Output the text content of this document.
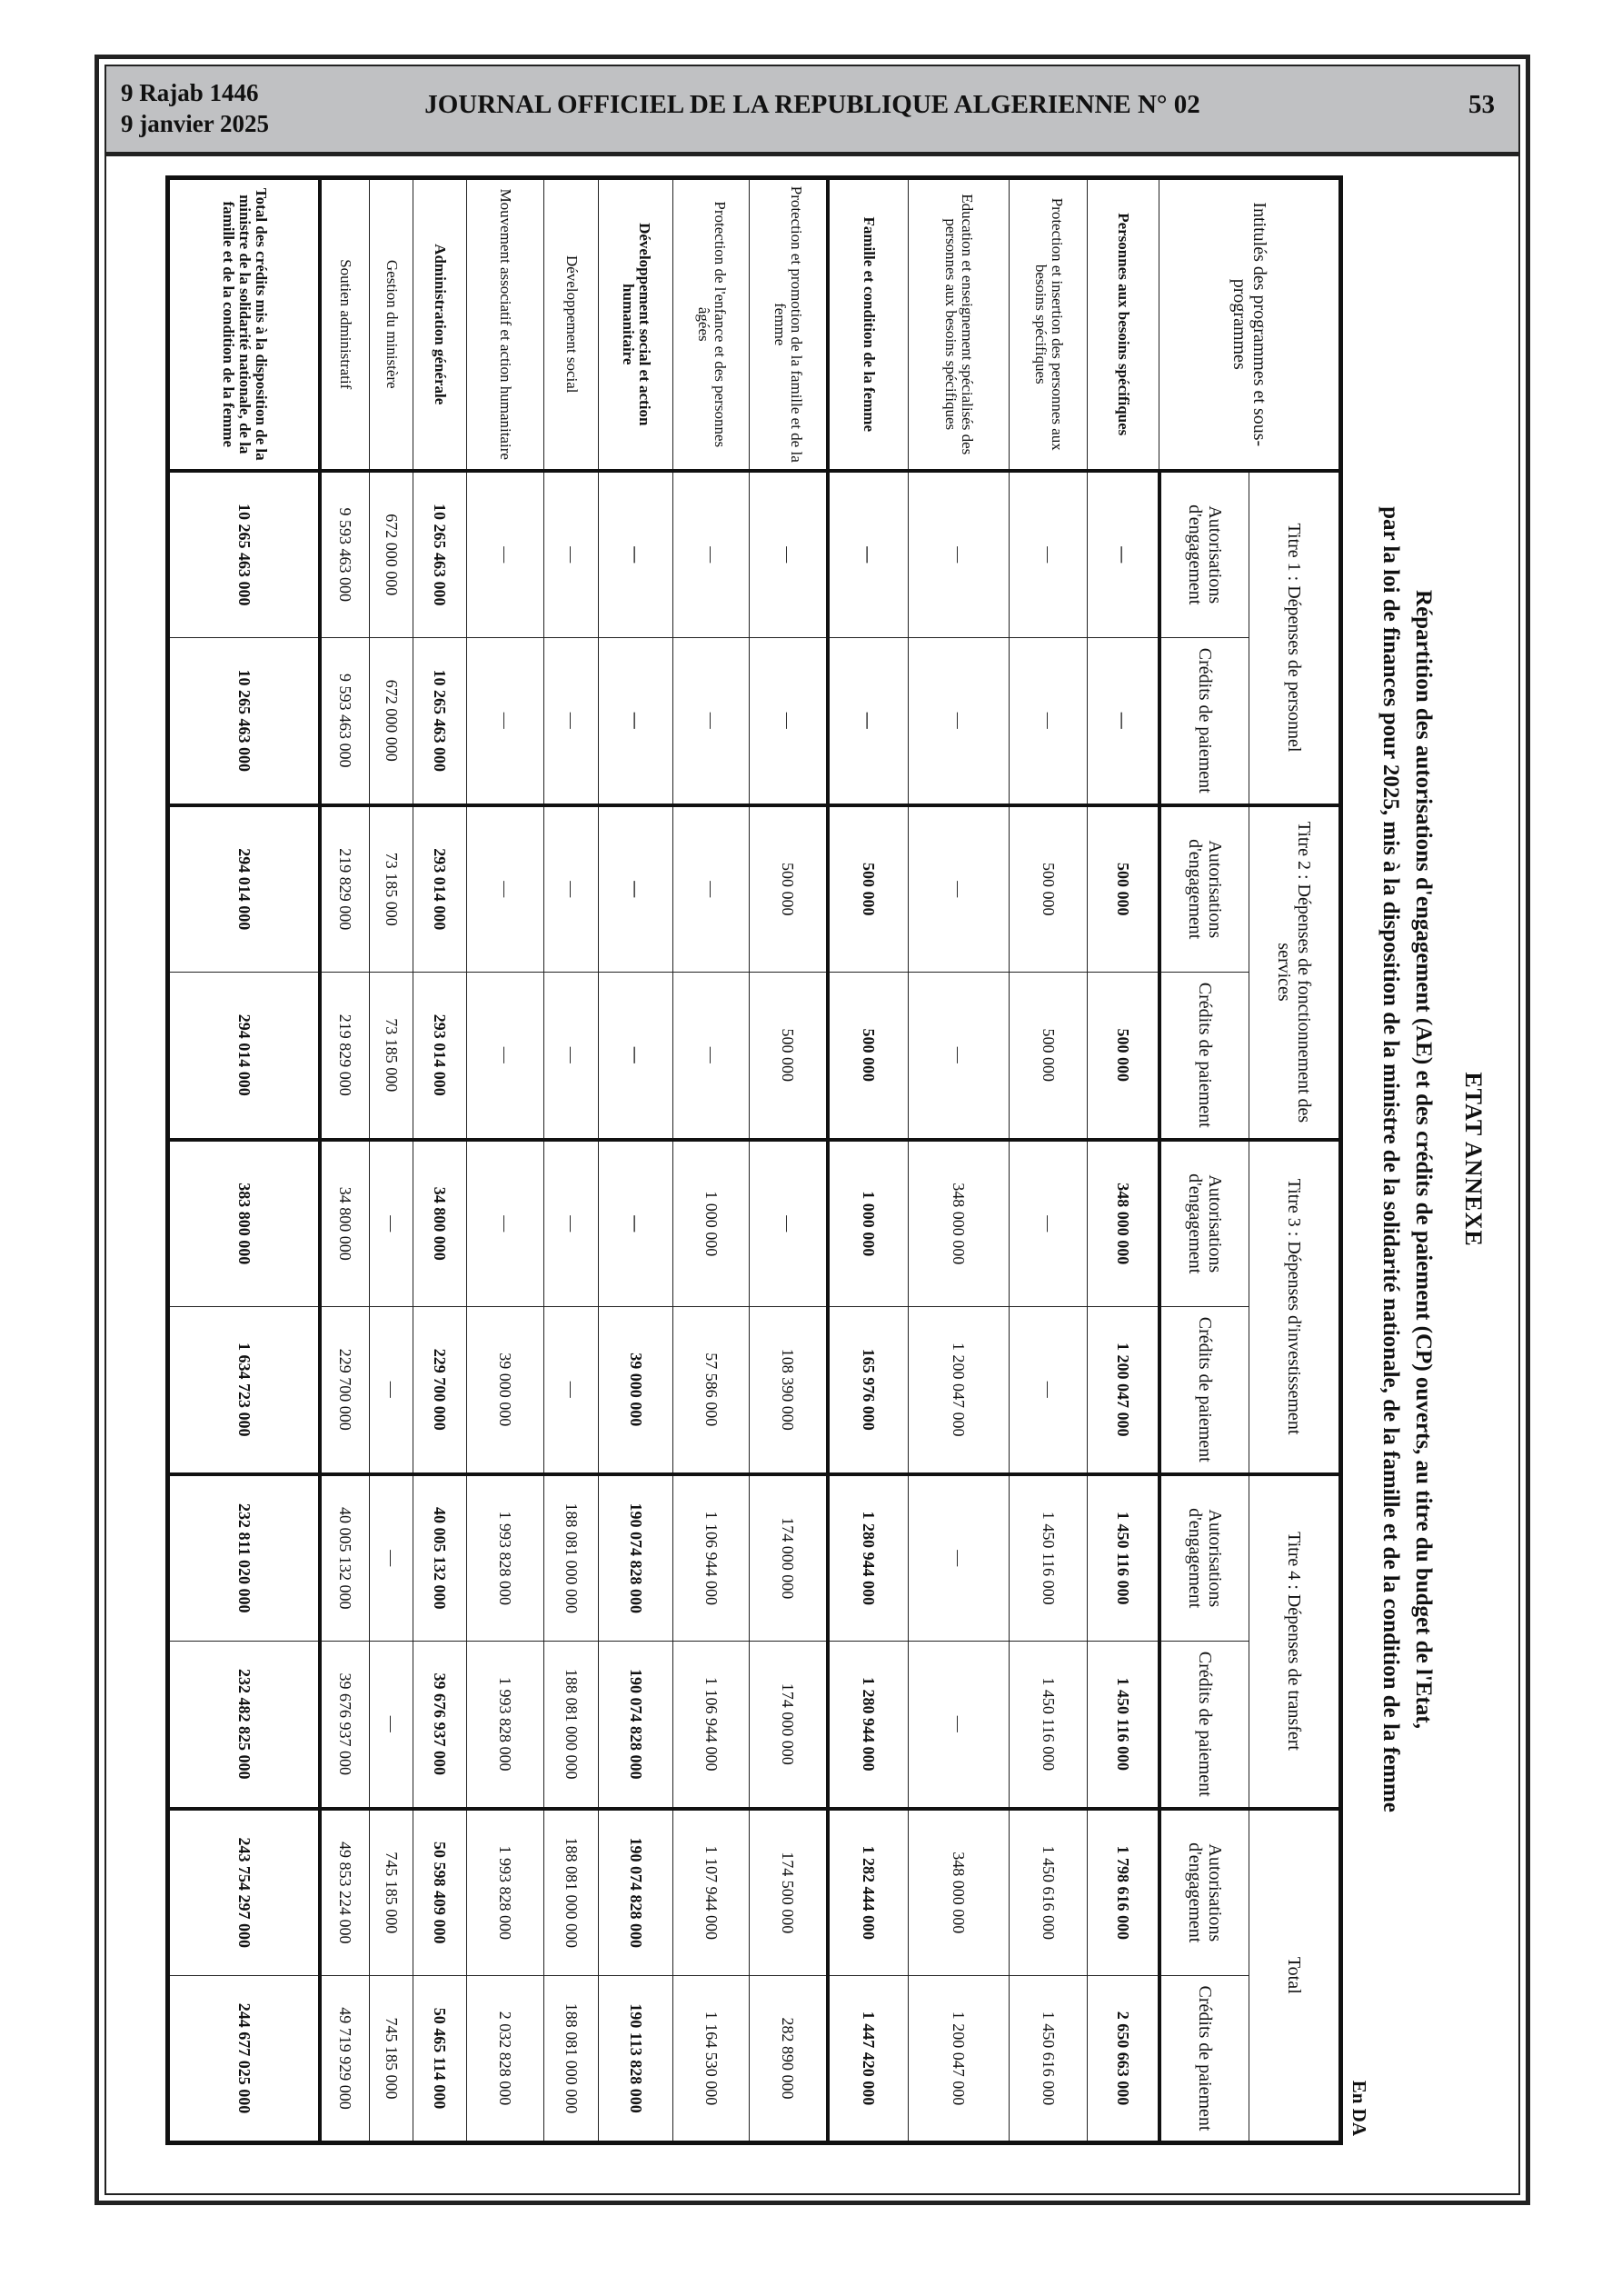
9 Rajab 1446
9 janvier 2025
JOURNAL OFFICIEL DE LA REPUBLIQUE ALGERIENNE N° 02	53
ETAT ANNEXE
Répartition des autorisations d'engagement (AE) et des crédits de paiement (CP) ouverts, au titre du budget de l'Etat,
par la loi de finances pour 2025, mis à la disposition de la ministre de la solidarité nationale, de la famille et de la condition de la femme
En DA
Intitulés des programmes et sous-programmes	Titre 1 : Dépenses de personnel		Titre 2 : Dépenses de fonctionnement des services		Titre 3 : Dépenses d'investissement		Titre 4 : Dépenses de transfert		Total	
	Autorisations d'engagement	Crédits de paiement	Autorisations d'engagement	Crédits de paiement	Autorisations d'engagement	Crédits de paiement	Autorisations d'engagement	Crédits de paiement	Autorisations d'engagement	Crédits de paiement
Personnes aux besoins spécifiques	—	—	500 000	500 000	348 000 000	1 200 047 000	1 450 116 000	1 450 116 000	1 798 616 000	2 650 663 000
Protection et insertion des personnes aux besoins spécifiques	—	—	500 000	500 000	—	—	1 450 116 000	1 450 116 000	1 450 616 000	1 450 616 000
Education et enseignement spécialisés des personnes aux besoins spécifiques	—	—	—	—	348 000 000	1 200 047 000	—	—	348 000 000	1 200 047 000
Famille et condition de la femme	—	—	500 000	500 000	1 000 000	165 976 000	1 280 944 000	1 280 944 000	1 282 444 000	1 447 420 000
Protection et promotion de la famille et de la femme	—	—	500 000	500 000	—	108 390 000	174 000 000	174 000 000	174 500 000	282 890 000
Protection de l'enfance et des personnes âgées	—	—	—	—	1 000 000	57 586 000	1 106 944 000	1 106 944 000	1 107 944 000	1 164 530 000
Développement social et action humanitaire	—	—	—	—	—	39 000 000	190 074 828 000	190 074 828 000	190 074 828 000	190 113 828 000
Développement social	—	—	—	—	—	—	188 081 000 000	188 081 000 000	188 081 000 000	188 081 000 000
Mouvement associatif et action humanitaire	—	—	—	—	—	39 000 000	1 993 828 000	1 993 828 000	1 993 828 000	2 032 828 000
Administration générale	10 265 463 000	10 265 463 000	293 014 000	293 014 000	34 800 000	229 700 000	40 005 132 000	39 676 937 000	50 598 409 000	50 465 114 000
Gestion du ministère	672 000 000	672 000 000	73 185 000	73 185 000	—	—	—	—	745 185 000	745 185 000
Soutien administratif	9 593 463 000	9 593 463 000	219 829 000	219 829 000	34 800 000	229 700 000	40 005 132 000	39 676 937 000	49 853 224 000	49 719 929 000
Total des crédits mis à la disposition de la ministre de la solidarité nationale, de la famille et de la condition de la femme	10 265 463 000	10 265 463 000	294 014 000	294 014 000	383 800 000	1 634 723 000	232 811 020 000	232 482 825 000	243 754 297 000	244 677 025 000
